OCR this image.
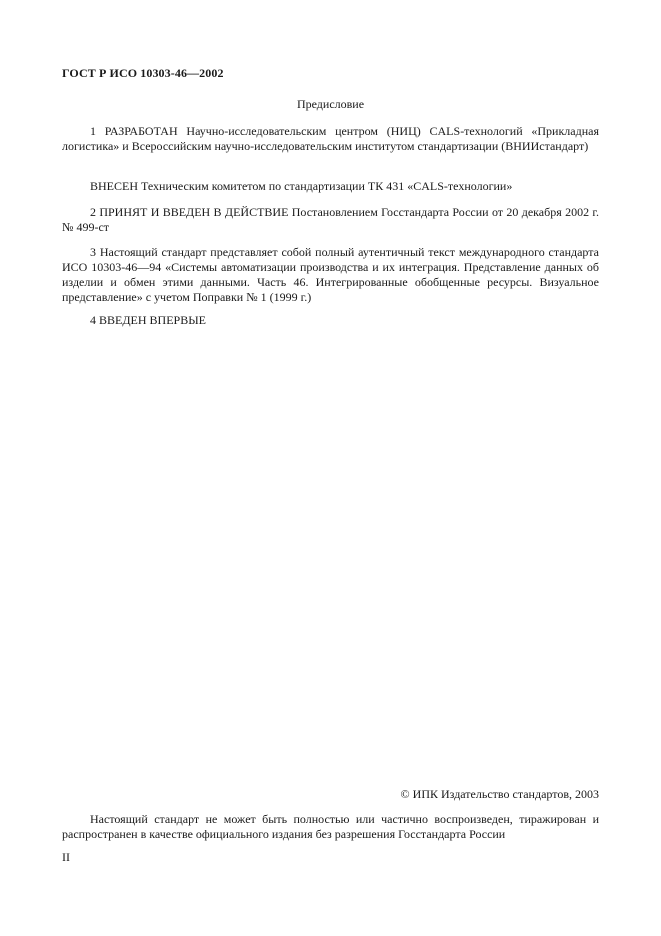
ГОСТ Р ИСО 10303-46—2002
Предисловие

1 РАЗРАБОТАН Научно-исследовательским центром (НИЦ) CALS-технологий «Прикладная логистика» и Всероссийским научно-исследовательским институтом стандартизации (ВНИИстандарт)

ВНЕСЕН Техническим комитетом по стандартизации ТК 431 «CALS-технологии»

2 ПРИНЯТ И ВВЕДЕН В ДЕЙСТВИЕ Постановлением Госстандарта России от 20 декабря 2002 г. № 499-ст

3 Настоящий стандарт представляет собой полный аутентичный текст международного стандарта ИСО 10303-46—94 «Системы автоматизации производства и их интеграция. Представление данных об изделии и обмен этими данными. Часть 46. Интегрированные обобщенные ресурсы. Визуальное представление» с учетом Поправки № 1 (1999 г.)

4 ВВЕДЕН ВПЕРВЫЕ

© ИПК Издательство стандартов, 2003

Настоящий стандарт не может быть полностью или частично воспроизведен, тиражирован и распространен в качестве официального издания без разрешения Госстандарта России

II
